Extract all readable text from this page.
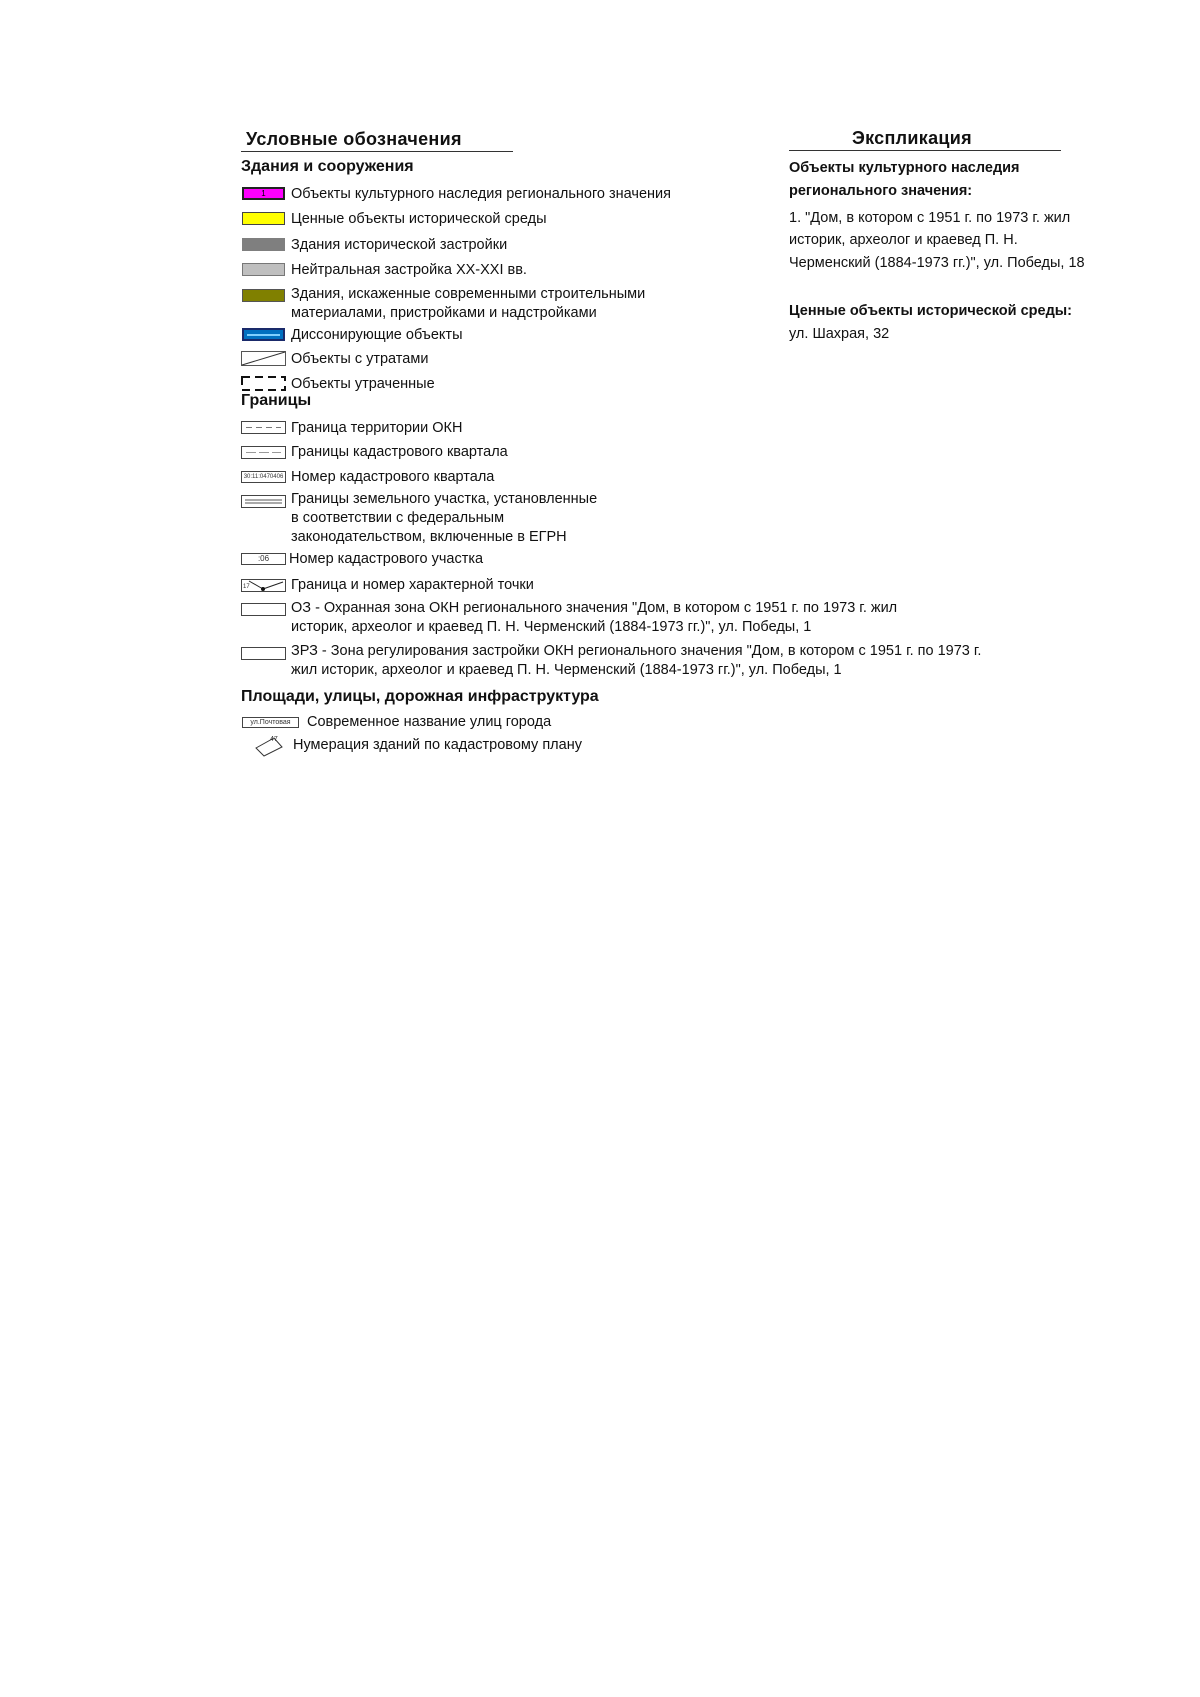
Условные обозначения
Здания и сооружения
1	Объекты культурного наследия регионального значения
Ценные объекты исторической среды
Здания исторической застройки
Нейтральная застройка XX-XXI вв.
Здания, искаженные современными строительными
материалами, пристройками и надстройками
Диссонирующие объекты
Объекты с утратами
Объекты утраченные
Границы
Граница территории ОКН
Границы кадастрового квартала
30:11:0470406 Номер кадастрового квартала
Границы земельного участка, установленные
в соответствии с федеральным
законодательством, включенные в ЕГРН
:06	Номер кадастрового участка
17	Граница и номер характерной точки
ОЗ - Охранная зона ОКН регионального значения "Дом, в котором с 1951 г. по 1973 г. жил
историк, археолог и краевед П. Н. Черменский (1884-1973 гг.)", ул. Победы, 1
ЗРЗ - Зона регулирования застройки ОКН регионального значения "Дом, в котором с 1951 г. по 1973 г.
жил историк, археолог и краевед П. Н. Черменский (1884-1973 гг.)", ул. Победы, 1
Площади, улицы, дорожная инфраструктура
ул.Почтовая	Современное название улиц города
47 Нумерация зданий по кадастровому плану
Экспликация
Объекты культурного наследия
регионального значения:
1. "Дом, в котором с 1951 г. по 1973 г. жил
историк, археолог и краевед П. Н.
Черменский (1884-1973 гг.)", ул. Победы, 18
Ценные объекты исторической среды:
ул. Шахрая, 32
